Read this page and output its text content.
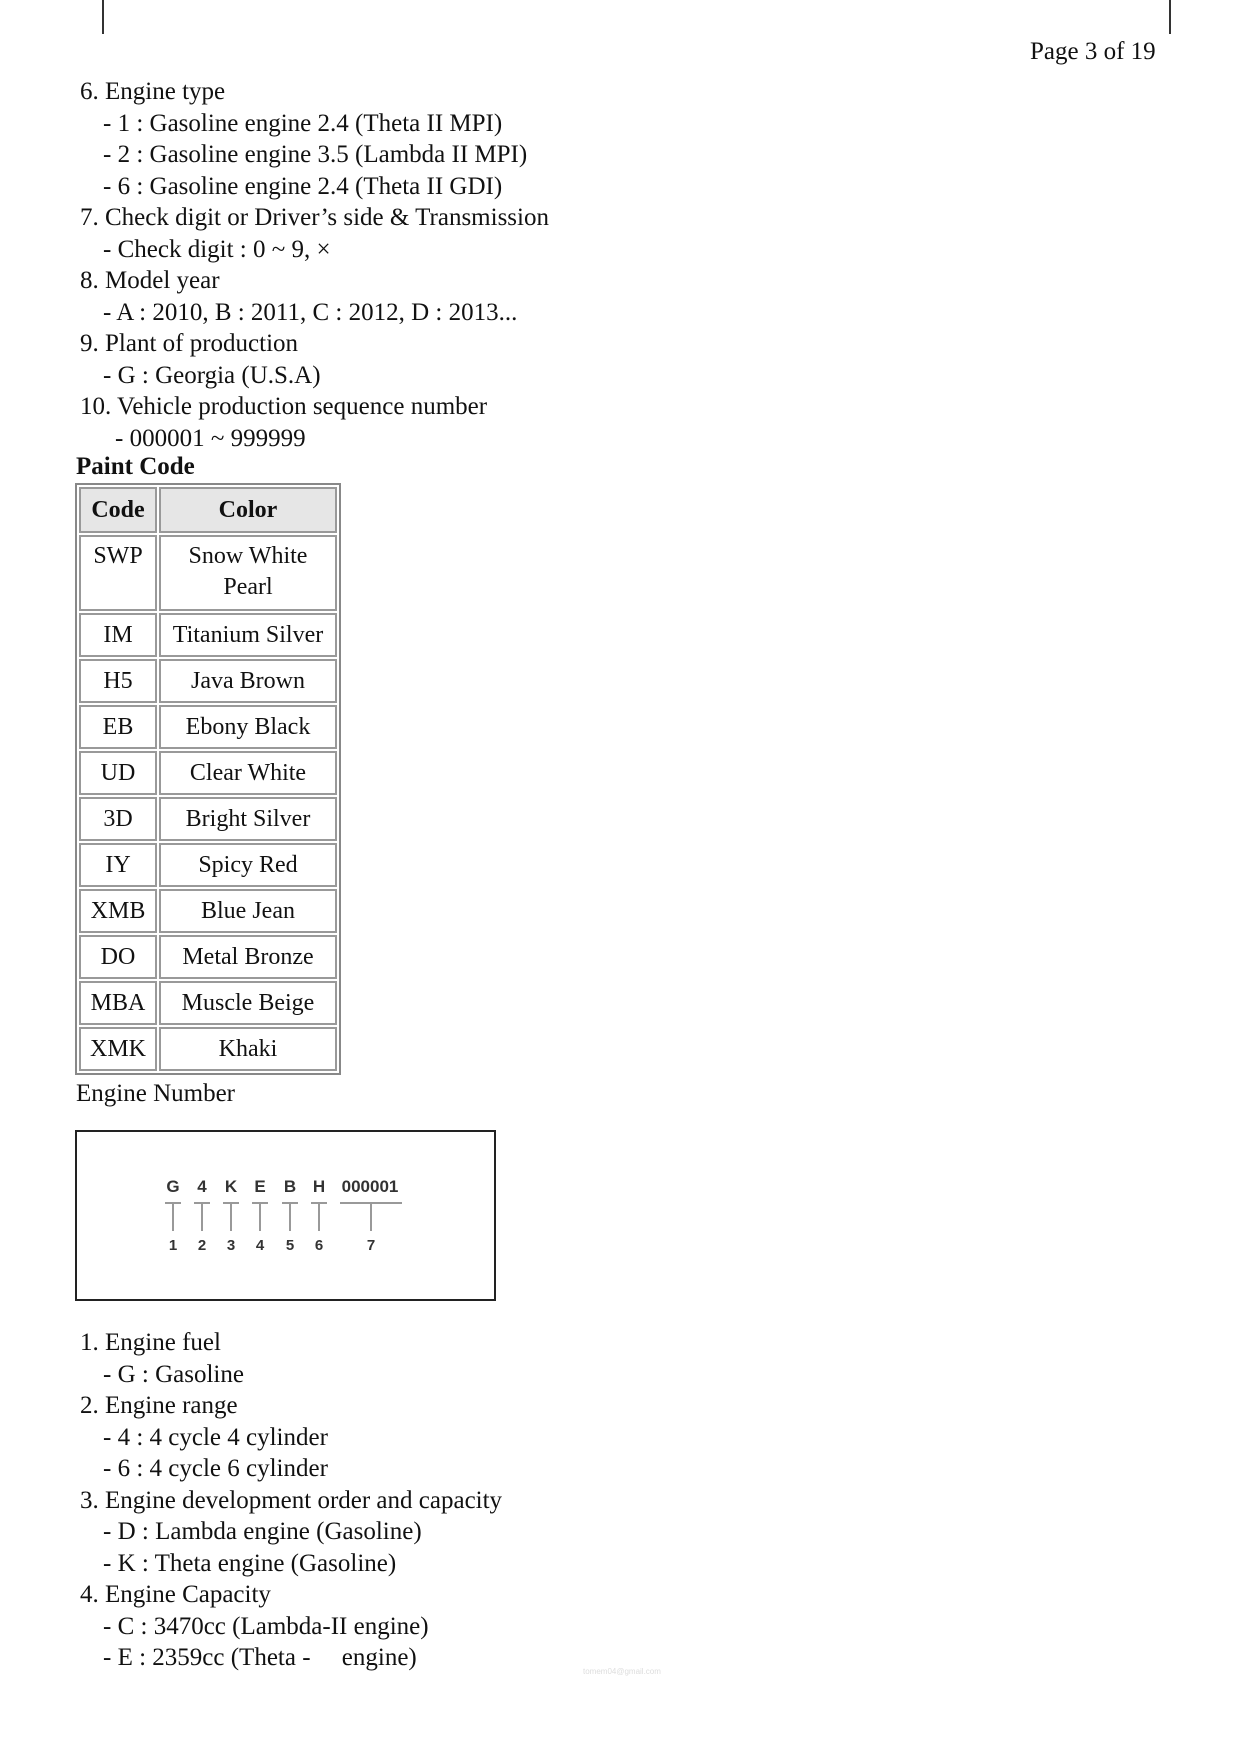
Page 3 of 19
6. Engine type
- 1 : Gasoline engine 2.4 (Theta II MPI)
- 2 : Gasoline engine 3.5 (Lambda II MPI)
- 6 : Gasoline engine 2.4 (Theta II GDI)
7. Check digit or Driver’s side & Transmission
- Check digit : 0 ~ 9, ×
8. Model year
- A : 2010, B : 2011, C : 2012, D : 2013...
9. Plant of production
- G : Georgia (U.S.A)
10. Vehicle production sequence number
- 000001 ~ 999999
Paint Code
Code	Color
SWP	Snow White Pearl
IM	Titanium Silver
H5	Java Brown
EB	Ebony Black
UD	Clear White
3D	Bright Silver
IY	Spicy Red
XMB	Blue Jean
DO	Metal Bronze
MBA	Muscle Beige
XMK	Khaki
Engine Number
G 4 K E B H 000001
1 2 3 4 5 6	7
1. Engine fuel
- G : Gasoline
2. Engine range
- 4 : 4 cycle 4 cylinder
- 6 : 4 cycle 6 cylinder
3. Engine development order and capacity
- D : Lambda engine (Gasoline)
- K : Theta engine (Gasoline)
4. Engine Capacity
- C : 3470cc (Lambda-II engine)
- E : 2359cc (Theta -     engine)
tomem04@gmail.com
